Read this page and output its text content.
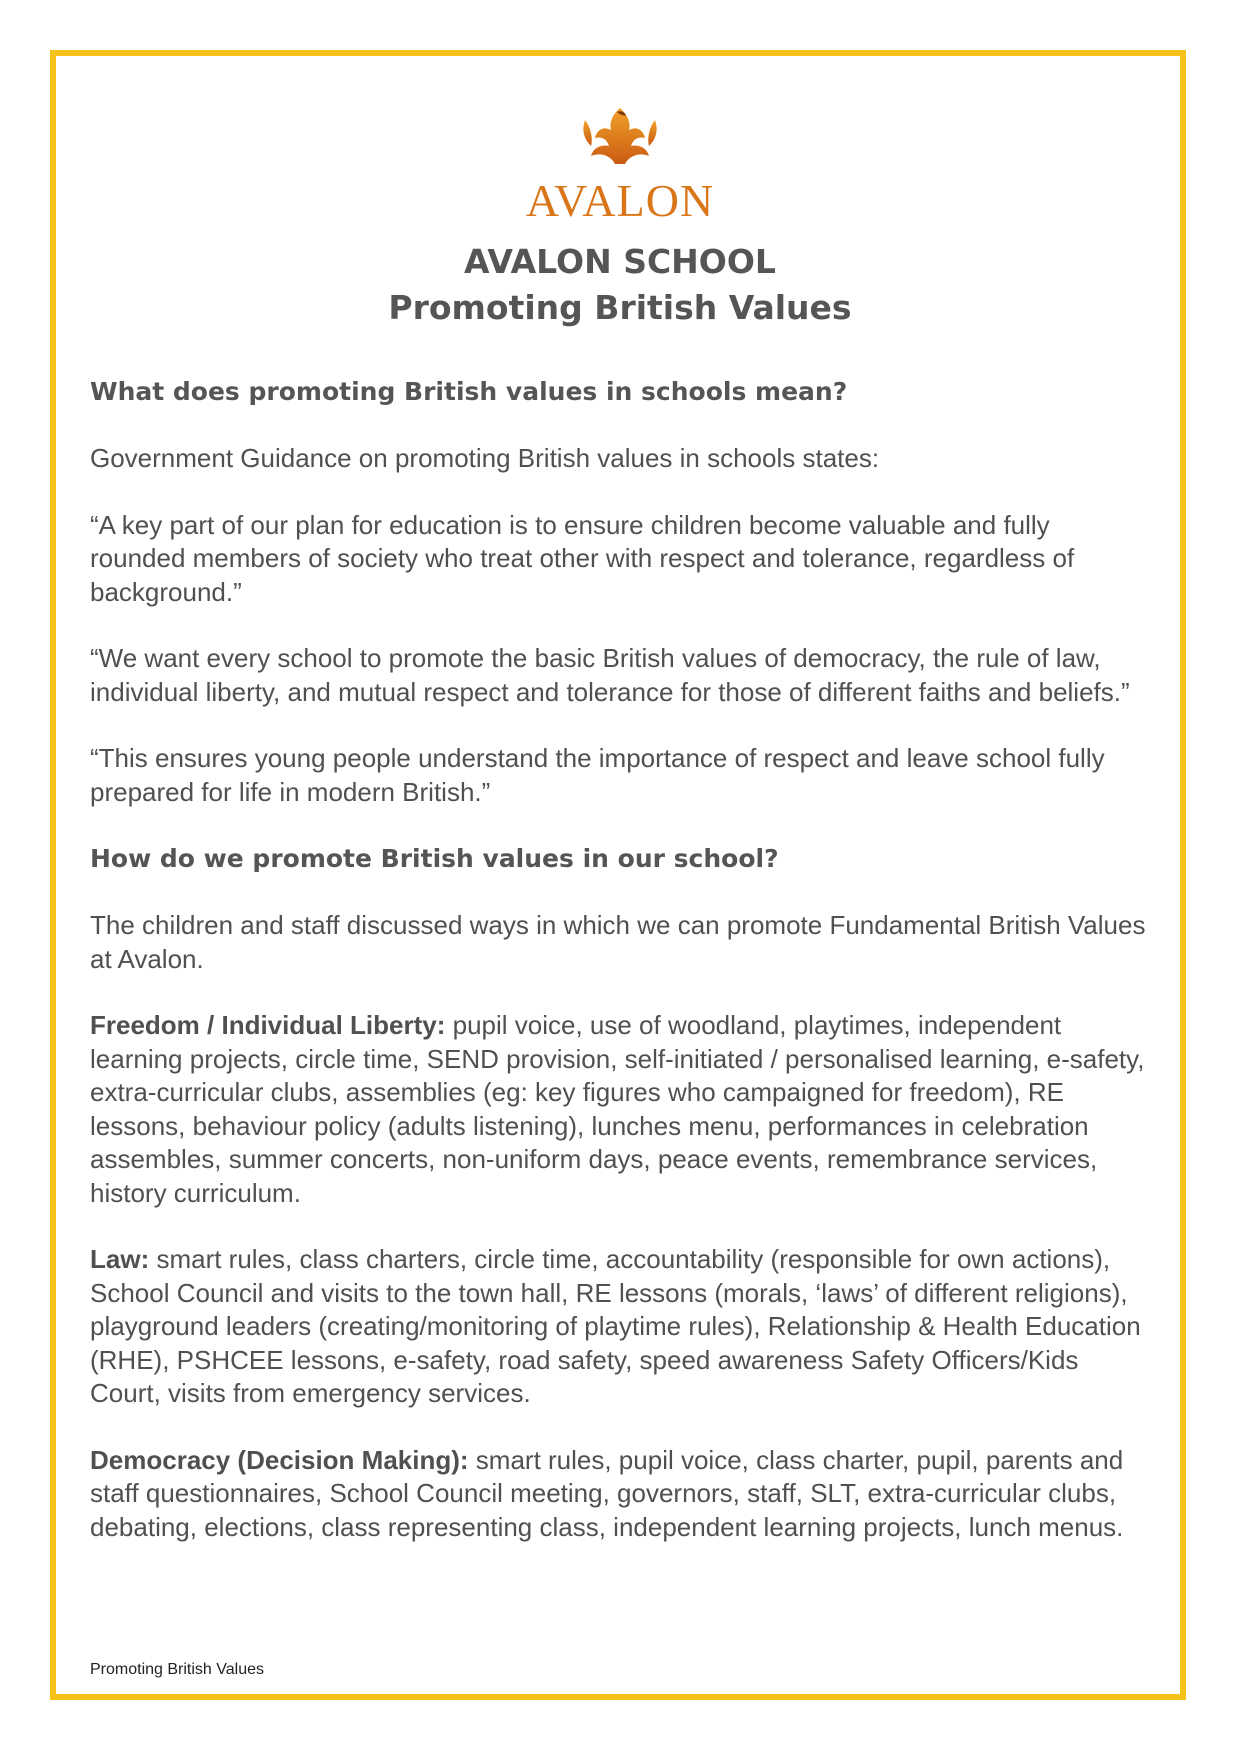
AVALON
AVALON SCHOOL
Promoting British Values
What does promoting British values in schools mean?
Government Guidance on promoting British values in schools states:
“A key part of our plan for education is to ensure children become valuable and fully rounded members of society who treat other with respect and tolerance, regardless of background.”
“We want every school to promote the basic British values of democracy, the rule of law, individual liberty, and mutual respect and tolerance for those of different faiths and beliefs.”
“This ensures young people understand the importance of respect and leave school fully prepared for life in modern British.”
How do we promote British values in our school?
The children and staff discussed ways in which we can promote Fundamental British Values at Avalon.
Freedom / Individual Liberty: pupil voice, use of woodland, playtimes, independent learning projects, circle time, SEND provision, self-initiated / personalised learning, e-safety, extra-curricular clubs, assemblies (eg: key figures who campaigned for freedom), RE lessons, behaviour policy (adults listening), lunches menu, performances in celebration assembles, summer concerts, non-uniform days, peace events, remembrance services, history curriculum.
Law: smart rules, class charters, circle time, accountability (responsible for own actions), School Council and visits to the town hall, RE lessons (morals, ‘laws’ of different religions), playground leaders (creating/monitoring of playtime rules), Relationship & Health Education (RHE), PSHCEE lessons, e-safety, road safety, speed awareness Safety Officers/Kids Court, visits from emergency services.
Democracy (Decision Making): smart rules, pupil voice, class charter, pupil, parents and staff questionnaires, School Council meeting, governors, staff, SLT, extra-curricular clubs, debating, elections, class representing class, independent learning projects, lunch menus.
Promoting British Values
